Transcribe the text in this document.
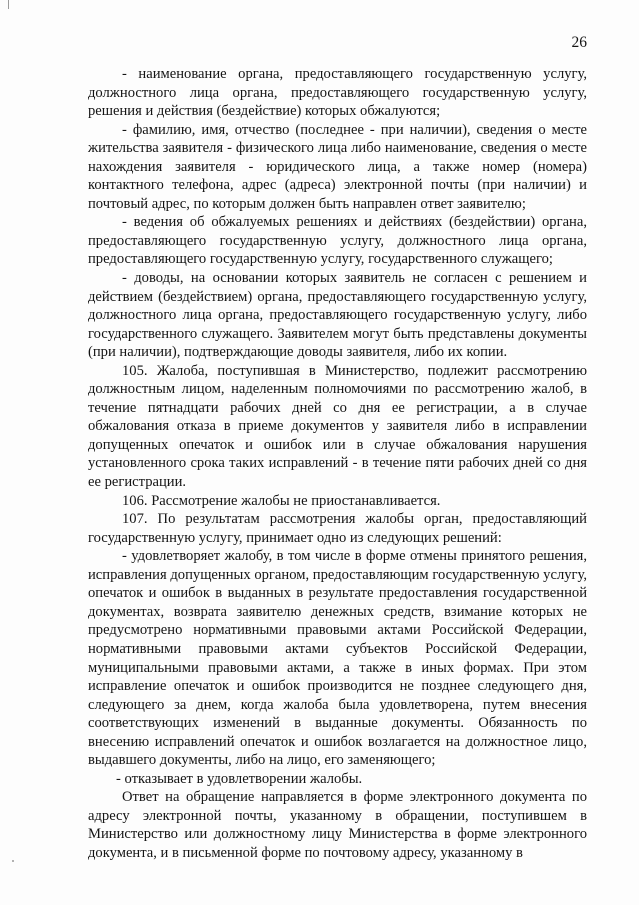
26

- наименование органа, предоставляющего государственную услугу, должностного лица органа, предоставляющего государственную услугу, решения и действия (бездействие) которых обжалуются;

- фамилию, имя, отчество (последнее - при наличии), сведения о месте жительства заявителя - физического лица либо наименование, сведения о месте нахождения заявителя - юридического лица, а также номер (номера) контактного телефона, адрес (адреса) электронной почты (при наличии) и почтовый адрес, по которым должен быть направлен ответ заявителю;

- ведения об обжалуемых решениях и действиях (бездействии) органа, предоставляющего государственную услугу, должностного лица органа, предоставляющего государственную услугу, государственного служащего;

- доводы, на основании которых заявитель не согласен с решением и действием (бездействием) органа, предоставляющего государственную услугу, должностного лица органа, предоставляющего государственную услугу, либо государственного служащего. Заявителем могут быть представлены документы (при наличии), подтверждающие доводы заявителя, либо их копии.

105. Жалоба, поступившая в Министерство, подлежит рассмотрению должностным лицом, наделенным полномочиями по рассмотрению жалоб, в течение пятнадцати рабочих дней со дня ее регистрации, а в случае обжалования отказа в приеме документов у заявителя либо в исправлении допущенных опечаток и ошибок или в случае обжалования нарушения установленного срока таких исправлений - в течение пяти рабочих дней со дня ее регистрации.

106. Рассмотрение жалобы не приостанавливается.

107. По результатам рассмотрения жалобы орган, предоставляющий государственную услугу, принимает одно из следующих решений:

- удовлетворяет жалобу, в том числе в форме отмены принятого решения, исправления допущенных органом, предоставляющим государственную услугу, опечаток и ошибок в выданных в результате предоставления государственной документах, возврата заявителю денежных средств, взимание которых не предусмотрено нормативными правовыми актами Российской Федерации, нормативными правовыми актами субъектов Российской Федерации, муниципальными правовыми актами, а также в иных формах. При этом исправление опечаток и ошибок производится не позднее следующего дня, следующего за днем, когда жалоба была удовлетворена, путем внесения соответствующих изменений в выданные документы. Обязанность по внесению исправлений опечаток и ошибок возлагается на должностное лицо, выдавшего документы, либо на лицо, его заменяющего;

- отказывает в удовлетворении жалобы.

Ответ на обращение направляется в форме электронного документа по адресу электронной почты, указанному в обращении, поступившем в Министерство или должностному лицу Министерства в форме электронного документа, и в письменной форме по почтовому адресу, указанному в
